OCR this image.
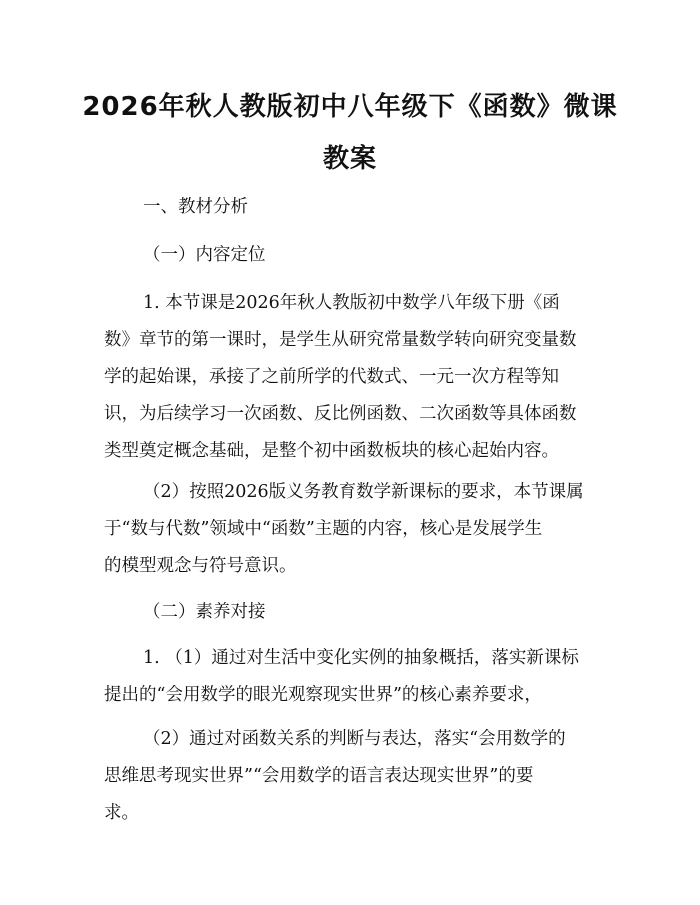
2026年秋人教版初中八年级下《函数》微课
教案
一、教材分析
（一）内容定位
1. 本节课是2026年秋人教版初中数学八年级下册《函
数》章节的第一课时，是学生从研究常量数学转向研究变量数
学的起始课，承接了之前所学的代数式、一元一次方程等知
识，为后续学习一次函数、反比例函数、二次函数等具体函数
类型奠定概念基础，是整个初中函数板块的核心起始内容。
（2）按照2026版义务教育数学新课标的要求，本节课属
于“数与代数”领域中“函数”主题的内容，核心是发展学生
的模型观念与符号意识。
（二）素养对接
1. （1）通过对生活中变化实例的抽象概括，落实新课标
提出的“会用数学的眼光观察现实世界”的核心素养要求，
（2）通过对函数关系的判断与表达，落实“会用数学的
思维思考现实世界”“会用数学的语言表达现实世界”的要
求。
